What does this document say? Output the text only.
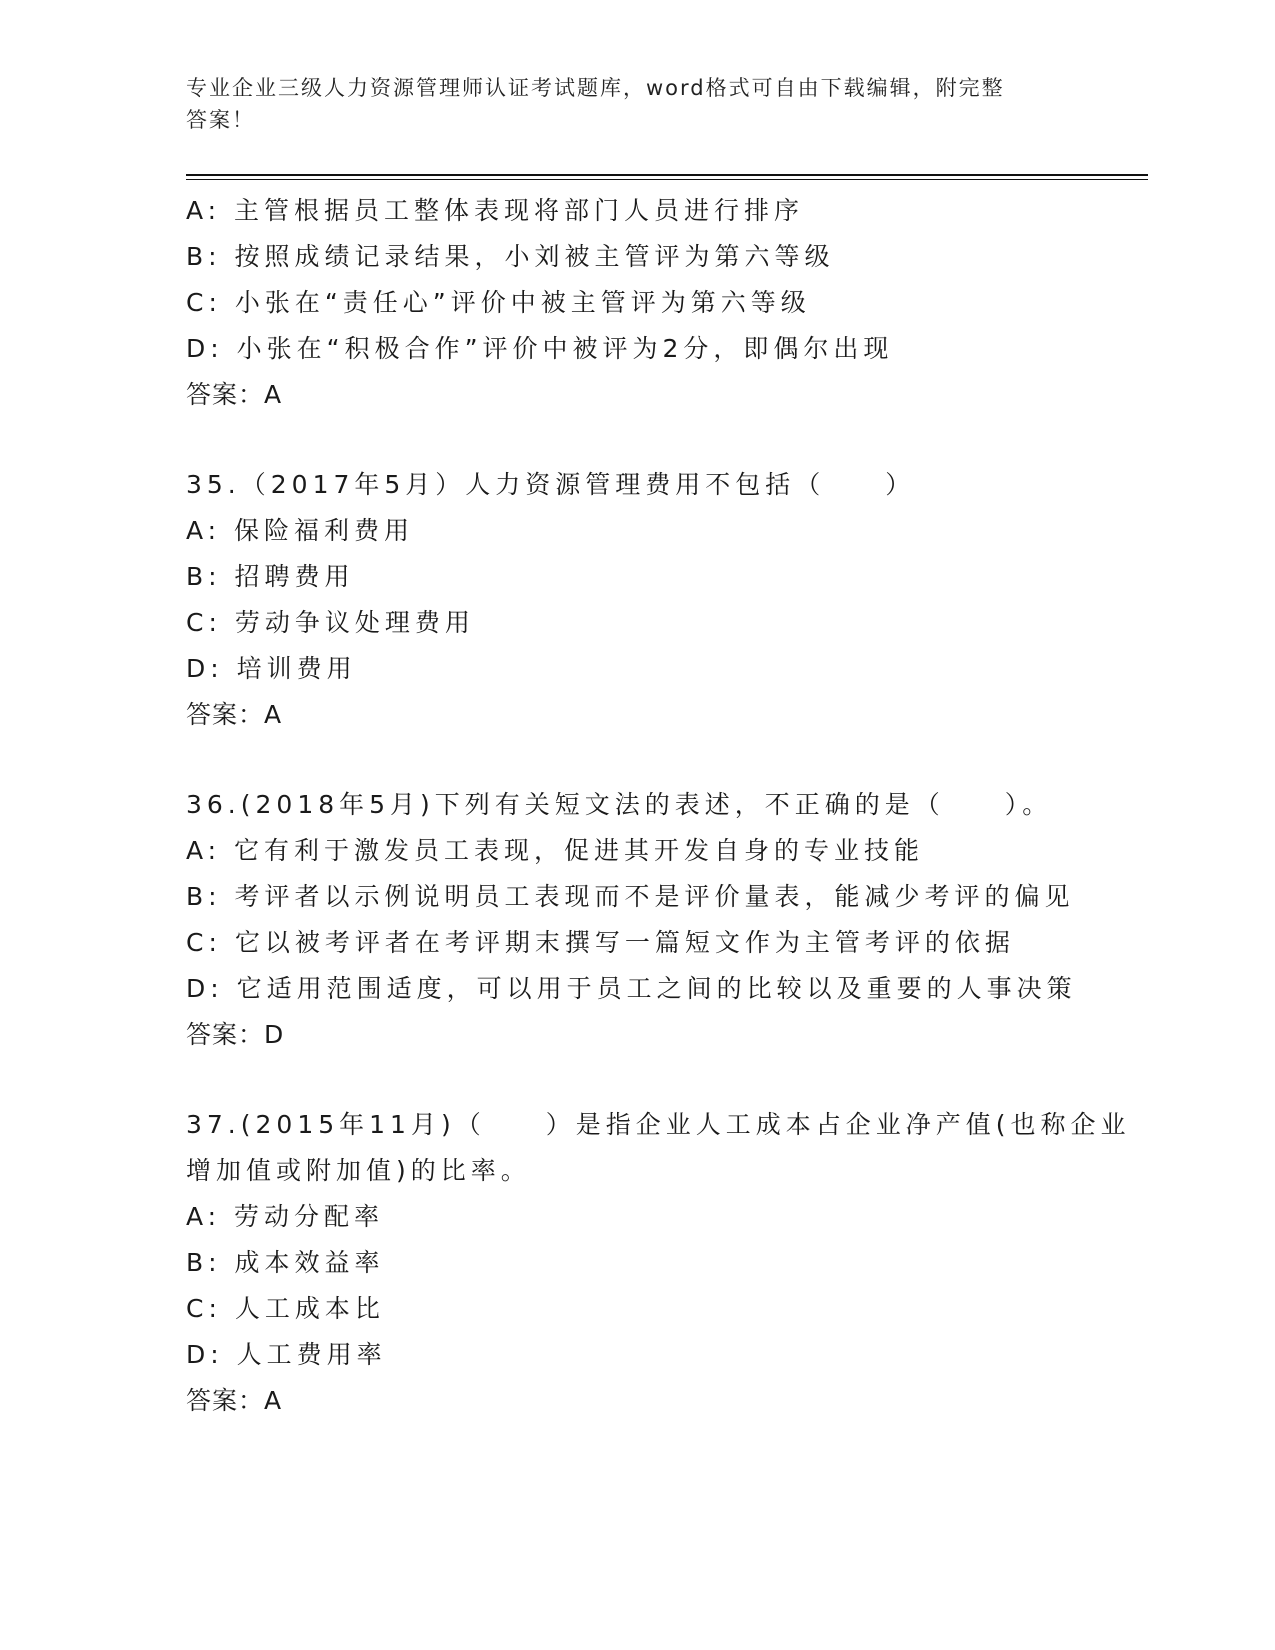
专业企业三级人力资源管理师认证考试题库，word格式可自由下载编辑，附完整
答案！
A: 主管根据员工整体表现将部门人员进行排序
B: 按照成绩记录结果，小刘被主管评为第六等级
C: 小张在“责任心”评价中被主管评为第六等级
D: 小张在“积极合作”评价中被评为2分，即偶尔出现
答案：A
35.（2017年5月）人力资源管理费用不包括（　　）
A: 保险福利费用
B: 招聘费用
C: 劳动争议处理费用
D: 培训费用
答案：A
36.(2018年5月)下列有关短文法的表述，不正确的是（　　）。
A: 它有利于激发员工表现，促进其开发自身的专业技能
B: 考评者以示例说明员工表现而不是评价量表，能减少考评的偏见
C: 它以被考评者在考评期末撰写一篇短文作为主管考评的依据
D: 它适用范围适度，可以用于员工之间的比较以及重要的人事决策
答案：D
37.(2015年11月)（　　）是指企业人工成本占企业净产值(也称企业
增加值或附加值)的比率。
A: 劳动分配率
B: 成本效益率
C: 人工成本比
D: 人工费用率
答案：A
